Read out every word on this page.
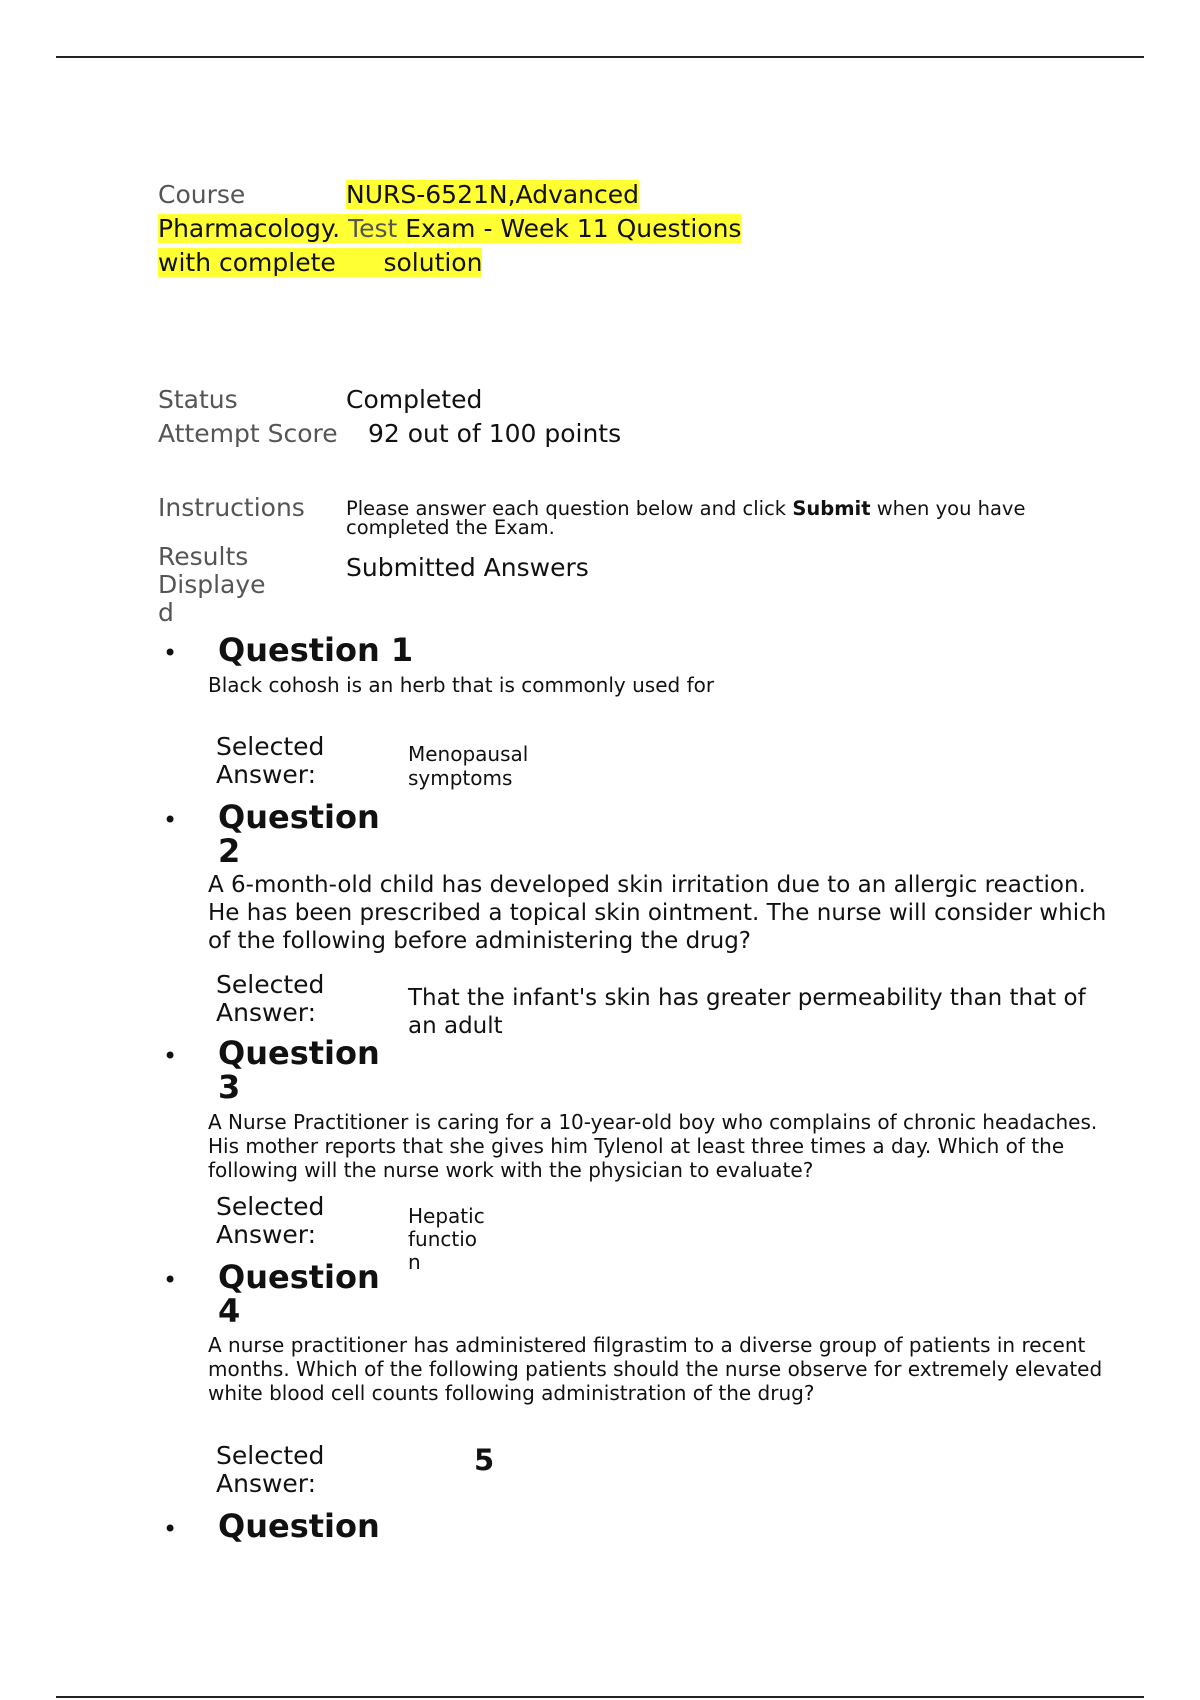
Course	NURS-6521N,Advanced
Pharmacology. Test Exam - Week 11 Questions
with complete solution
Status	Completed
Attempt Score 92 out of 100 points
Instructions Please answer each question below and click Submit when you have completed the Exam.
Results
Displaye
d
Submitted Answers
• Question 1
Black cohosh is an herb that is commonly used for
Selected Answer:
Menopausal symptoms
• Question 2
A 6-month-old child has developed skin irritation due to an allergic reaction. He has been prescribed a topical skin ointment. The nurse will consider which of the following before administering the drug?
Selected Answer:	That the infant's skin has greater permeability than that of an adult
• Question 3
A Nurse Practitioner is caring for a 10-year-old boy who complains of chronic headaches. His mother reports that she gives him Tylenol at least three times a day. Which of the following will the nurse work with the physician to evaluate?
Selected Answer:
Hepatic function
• Question 4
A nurse practitioner has administered filgrastim to a diverse group of patients in recent months. Which of the following patients should the nurse observe for extremely elevated white blood cell counts following administration of the drug?
Selected Answer:
5
• Question
